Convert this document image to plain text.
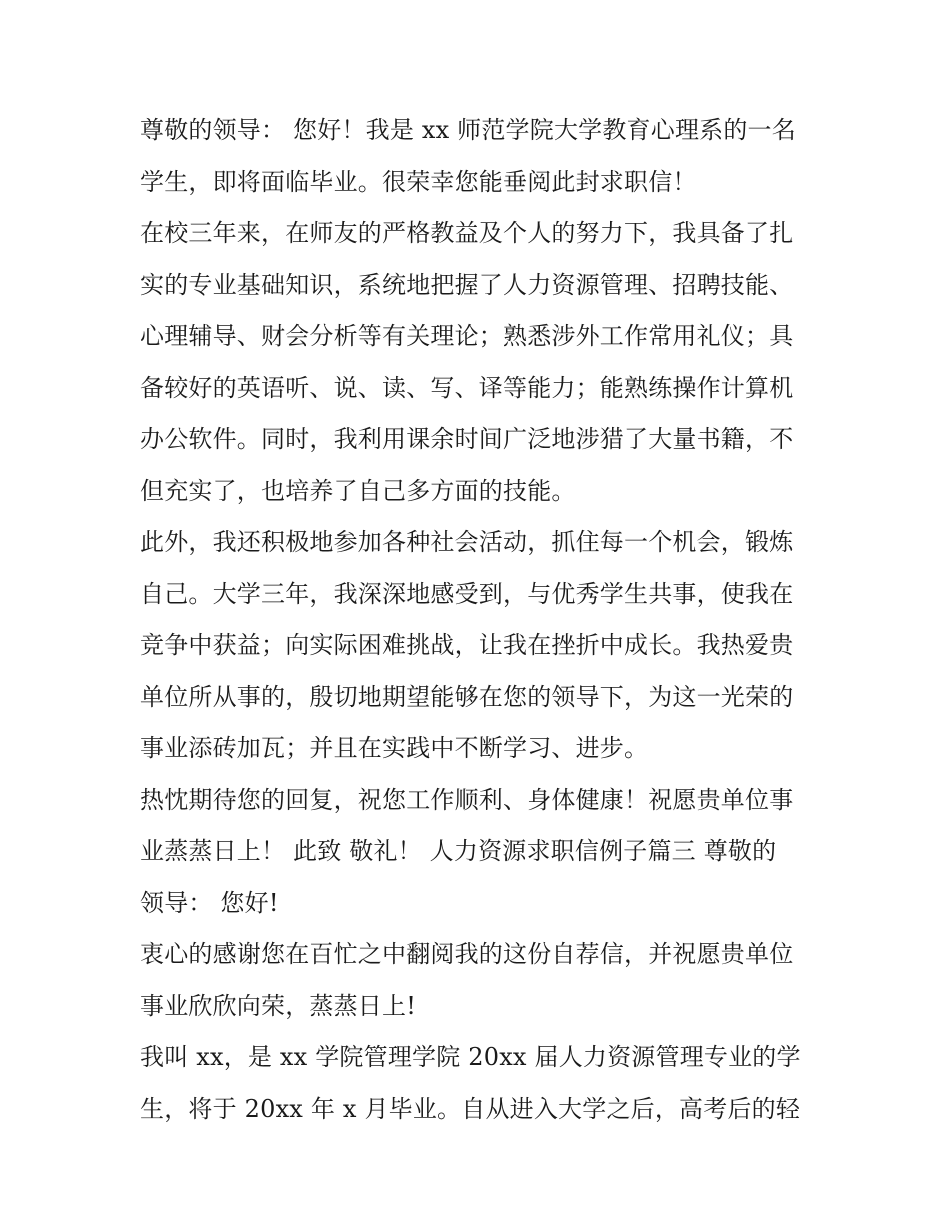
尊敬的领导： 您好！我是 xx 师范学院大学教育心理系的一名
学生，即将面临毕业。很荣幸您能垂阅此封求职信！
在校三年来，在师友的严格教益及个人的努力下，我具备了扎
实的专业基础知识，系统地把握了人力资源管理、招聘技能、
心理辅导、财会分析等有关理论；熟悉涉外工作常用礼仪；具
备较好的英语听、说、读、写、译等能力；能熟练操作计算机
办公软件。同时，我利用课余时间广泛地涉猎了大量书籍，不
但充实了，也培养了自己多方面的技能。
此外，我还积极地参加各种社会活动，抓住每一个机会，锻炼
自己。大学三年，我深深地感受到，与优秀学生共事，使我在
竞争中获益；向实际困难挑战，让我在挫折中成长。我热爱贵
单位所从事的，殷切地期望能够在您的领导下，为这一光荣的
事业添砖加瓦；并且在实践中不断学习、进步。
热忱期待您的回复，祝您工作顺利、身体健康！祝愿贵单位事
业蒸蒸日上！ 此致 敬礼！ 人力资源求职信例子篇三 尊敬的
领导： 您好!
衷心的感谢您在百忙之中翻阅我的这份自荐信，并祝愿贵单位
事业欣欣向荣，蒸蒸日上!
我叫 xx，是 xx 学院管理学院 20xx 届人力资源管理专业的学
生，将于 20xx 年 x 月毕业。自从进入大学之后，高考后的轻
